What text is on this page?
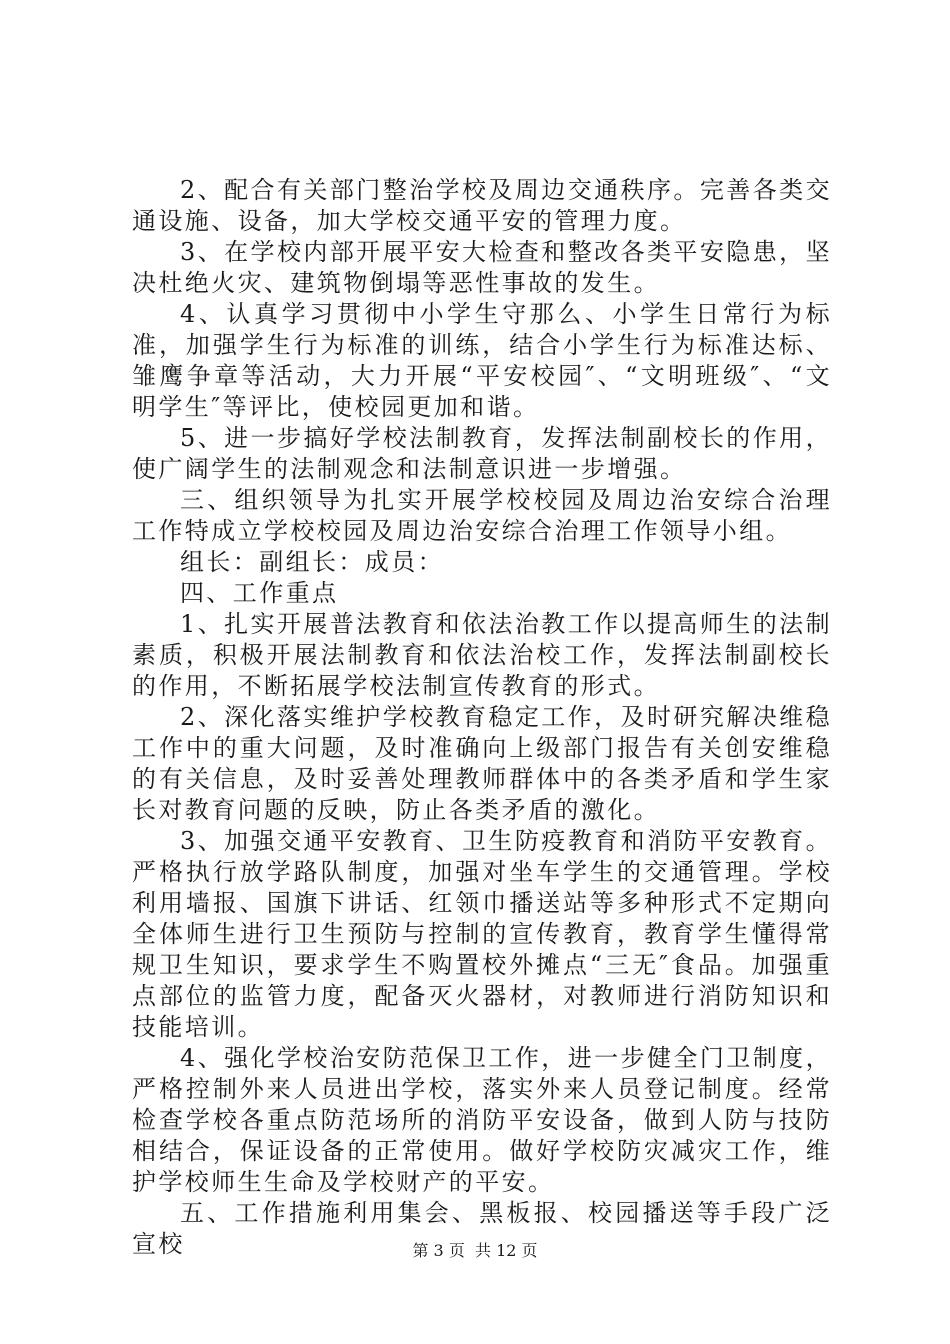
2、配合有关部门整治学校及周边交通秩序。完善各类交通设施、设备，加大学校交通平安的管理力度。

3、在学校内部开展平安大检查和整改各类平安隐患，坚决杜绝火灾、建筑物倒塌等恶性事故的发生。

4、认真学习贯彻中小学生守那么、小学生日常行为标准，加强学生行为标准的训练，结合小学生行为标准达标、雏鹰争章等活动，大力开展“平安校园″、“文明班级″、“文明学生″等评比，使校园更加和谐。

5、进一步搞好学校法制教育，发挥法制副校长的作用，使广阔学生的法制观念和法制意识进一步增强。

三、组织领导为扎实开展学校校园及周边治安综合治理工作特成立学校校园及周边治安综合治理工作领导小组。

组长：副组长：成员：

四、工作重点

1、扎实开展普法教育和依法治教工作以提高师生的法制素质，积极开展法制教育和依法治校工作，发挥法制副校长的作用，不断拓展学校法制宣传教育的形式。

2、深化落实维护学校教育稳定工作，及时研究解决维稳工作中的重大问题，及时准确向上级部门报告有关创安维稳的有关信息，及时妥善处理教师群体中的各类矛盾和学生家长对教育问题的反映，防止各类矛盾的激化。

3、加强交通平安教育、卫生防疫教育和消防平安教育。严格执行放学路队制度，加强对坐车学生的交通管理。学校利用墙报、国旗下讲话、红领巾播送站等多种形式不定期向全体师生进行卫生预防与控制的宣传教育，教育学生懂得常规卫生知识，要求学生不购置校外摊点“三无″食品。加强重点部位的监管力度，配备灭火器材，对教师进行消防知识和技能培训。

4、强化学校治安防范保卫工作，进一步健全门卫制度，严格控制外来人员进出学校，落实外来人员登记制度。经常检查学校各重点防范场所的消防平安设备，做到人防与技防相结合，保证设备的正常使用。做好学校防灾减灾工作，维护学校师生生命及学校财产的平安。

五、工作措施利用集会、黑板报、校园播送等手段广泛宣校	第 3 页  共 12 页
